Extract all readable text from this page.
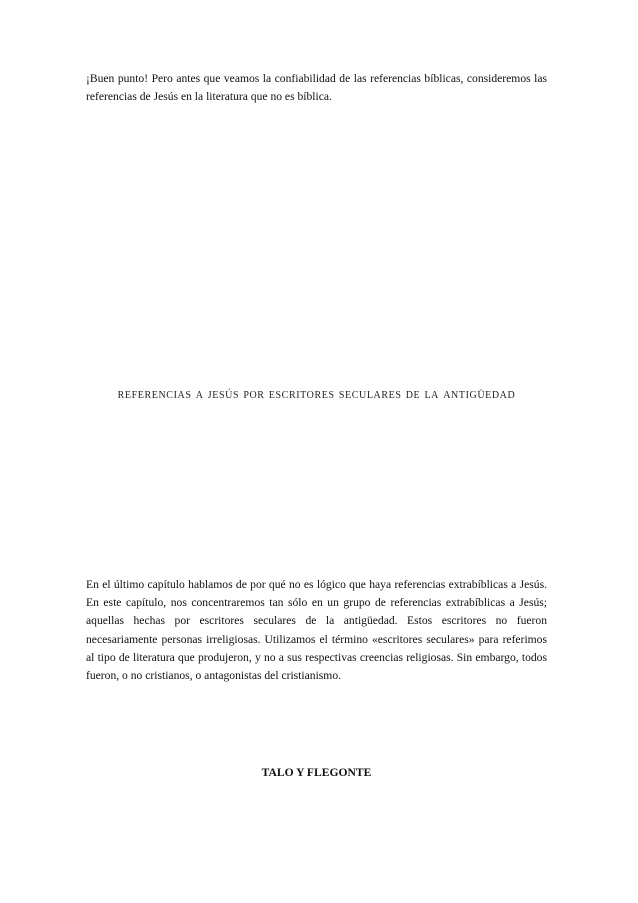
¡Buen punto! Pero antes que veamos la confiabilidad de las referencias bíblicas, consideremos las referencias de Jesús en la literatura que no es bíblica.

referencias a jesús por escritores seculares de la antigüedad

En el último capítulo hablamos de por qué no es lógico que haya referencias extrabíblicas a Jesús. En este capítulo, nos concentraremos tan sólo en un grupo de referencias extrabíblicas a Jesús; aquellas hechas por escritores seculares de la antigüedad. Estos escritores no fueron necesariamente personas irreligiosas. Utilizamos el término «escritores seculares» para referimos al tipo de literatura que produjeron, y no a sus respectivas creencias religiosas. Sin embargo, todos fueron, o no cristianos, o antagonistas del cristianismo.

TALO Y FLEGONTE
